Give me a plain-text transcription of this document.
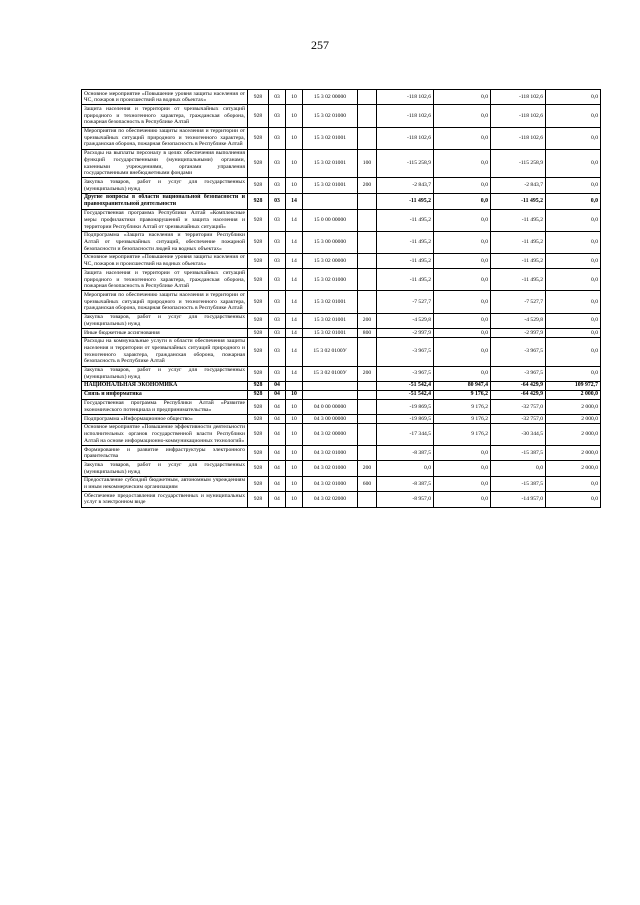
257
Основное мероприятие «Повышение уровня защиты населения от ЧС, пожаров и происшествий на водных объектах»	928	03	10	15 3 02 00000		-118 102,6	0,0	-118 102,6	0,0
Защита населения и территории от чрезвычайных ситуаций природного и техногенного характера, гражданская оборона, пожарная безопасность в Республике Алтай	928	03	10	15 3 02 01000		-118 102,6	0,0	-118 102,6	0,0
Мероприятия по обеспечению защиты населения и территории от чрезвычайных ситуаций природного и техногенного характера, гражданская оборона, пожарная безопасность в Республике Алтай	928	03	10	15 3 02 01001		-118 102,6	0,0	-118 102,6	0,0
Расходы на выплаты персоналу в целях обеспечения выполнения функций государственными (муниципальными) органами, казенными учреждениями, органами управления государственными внебюджетными фондами	928	03	10	15 3 02 01001	100	-115 258,9	0,0	-115 258,9	0,0
Закупка товаров, работ и услуг для государственных (муниципальных) нужд	928	03	10	15 3 02 01001	200	-2 843,7	0,0	-2 843,7	0,0
Другие вопросы в области национальной безопасности и правоохранительной деятельности	928	03	14			-11 495,2	0,0	-11 495,2	0,0
Государственная программа Республики Алтай «Комплексные меры профилактики правонарушений и защита населения и территории Республики Алтай от чрезвычайных ситуаций»	928	03	14	15 0 00 00000		-11 495,2	0,0	-11 495,2	0,0
Подпрограмма «Защита населения и территории Республики Алтай от чрезвычайных ситуаций, обеспечение пожарной безопасности и безопасности людей на водных объектах»	928	03	14	15 3 00 00000		-11 495,2	0,0	-11 495,2	0,0
Основное мероприятие «Повышение уровня защиты населения от ЧС, пожаров и происшествий на водных объектах»	928	03	14	15 3 02 00000		-11 495,2	0,0	-11 495,2	0,0
Защита населения и территории от чрезвычайных ситуаций природного и техногенного характера, гражданская оборона, пожарная безопасность в Республике Алтай	928	03	14	15 3 02 01000		-11 495,2	0,0	-11 495,2	0,0
Мероприятия по обеспечению защиты населения и территории от чрезвычайных ситуаций природного и техногенного характера, гражданская оборона, пожарная безопасность в Республике Алтай	928	03	14	15 3 02 01001		-7 527,7	0,0	-7 527,7	0,0
Закупка товаров, работ и услуг для государственных (муниципальных) нужд	928	03	14	15 3 02 01001	200	-4 529,8	0,0	-4 529,8	0,0
Иные бюджетные ассигнования	928	03	14	15 3 02 01001	800	-2 997,9	0,0	-2 997,9	0,0
Расходы на коммунальные услуги в области обеспечения защиты населения и территории от чрезвычайных ситуаций природного и техногенного характера, гражданская оборона, пожарная безопасность в Республике Алтай	928	03	14	15 3 02 0100У		-3 967,5	0,0	-3 967,5	0,0
Закупка товаров, работ и услуг для государственных (муниципальных) нужд	928	03	14	15 3 02 0100У	200	-3 967,5	0,0	-3 967,5	0,0
НАЦИОНАЛЬНАЯ ЭКОНОМИКА	928	04				-51 542,4	80 947,4	-64 429,9	109 972,7
Связь и информатика	928	04	10			-51 542,4	9 176,2	-64 429,9	2 000,0
Государственная программа Республики Алтай «Развитие экономического потенциала и предпринимательства»	928	04	10	04 0 00 00000		-19 869,5	9 176,2	-32 757,0	2 000,0
Подпрограмма «Информационное общество»	928	04	10	04 3 00 00000		-19 869,5	9 176,2	-32 757,0	2 000,0
Основное мероприятие «Повышение эффективности деятельности исполнительных органов государственной власти Республики Алтай на основе информационно-коммуникационных технологий»	928	04	10	04 3 02 00000		-17 344,5	9 176,2	-30 344,5	2 000,0
Формирование и развитие инфраструктуры электронного правительства	928	04	10	04 3 02 01000		-8 387,5	0,0	-15 387,5	2 000,0
Закупка товаров, работ и услуг для государственных (муниципальных) нужд	928	04	10	04 3 02 01000	200	0,0	0,0	0,0	2 000,0
Предоставление субсидий бюджетным, автономным учреждениям и иным некоммерческим организациям	928	04	10	04 3 02 01000	600	-8 387,5	0,0	-15 387,5	0,0
Обеспечение предоставления государственных и муниципальных услуг в электронном виде	928	04	10	04 3 02 02000		-8 957,0	0,0	-14 957,0	0,0
